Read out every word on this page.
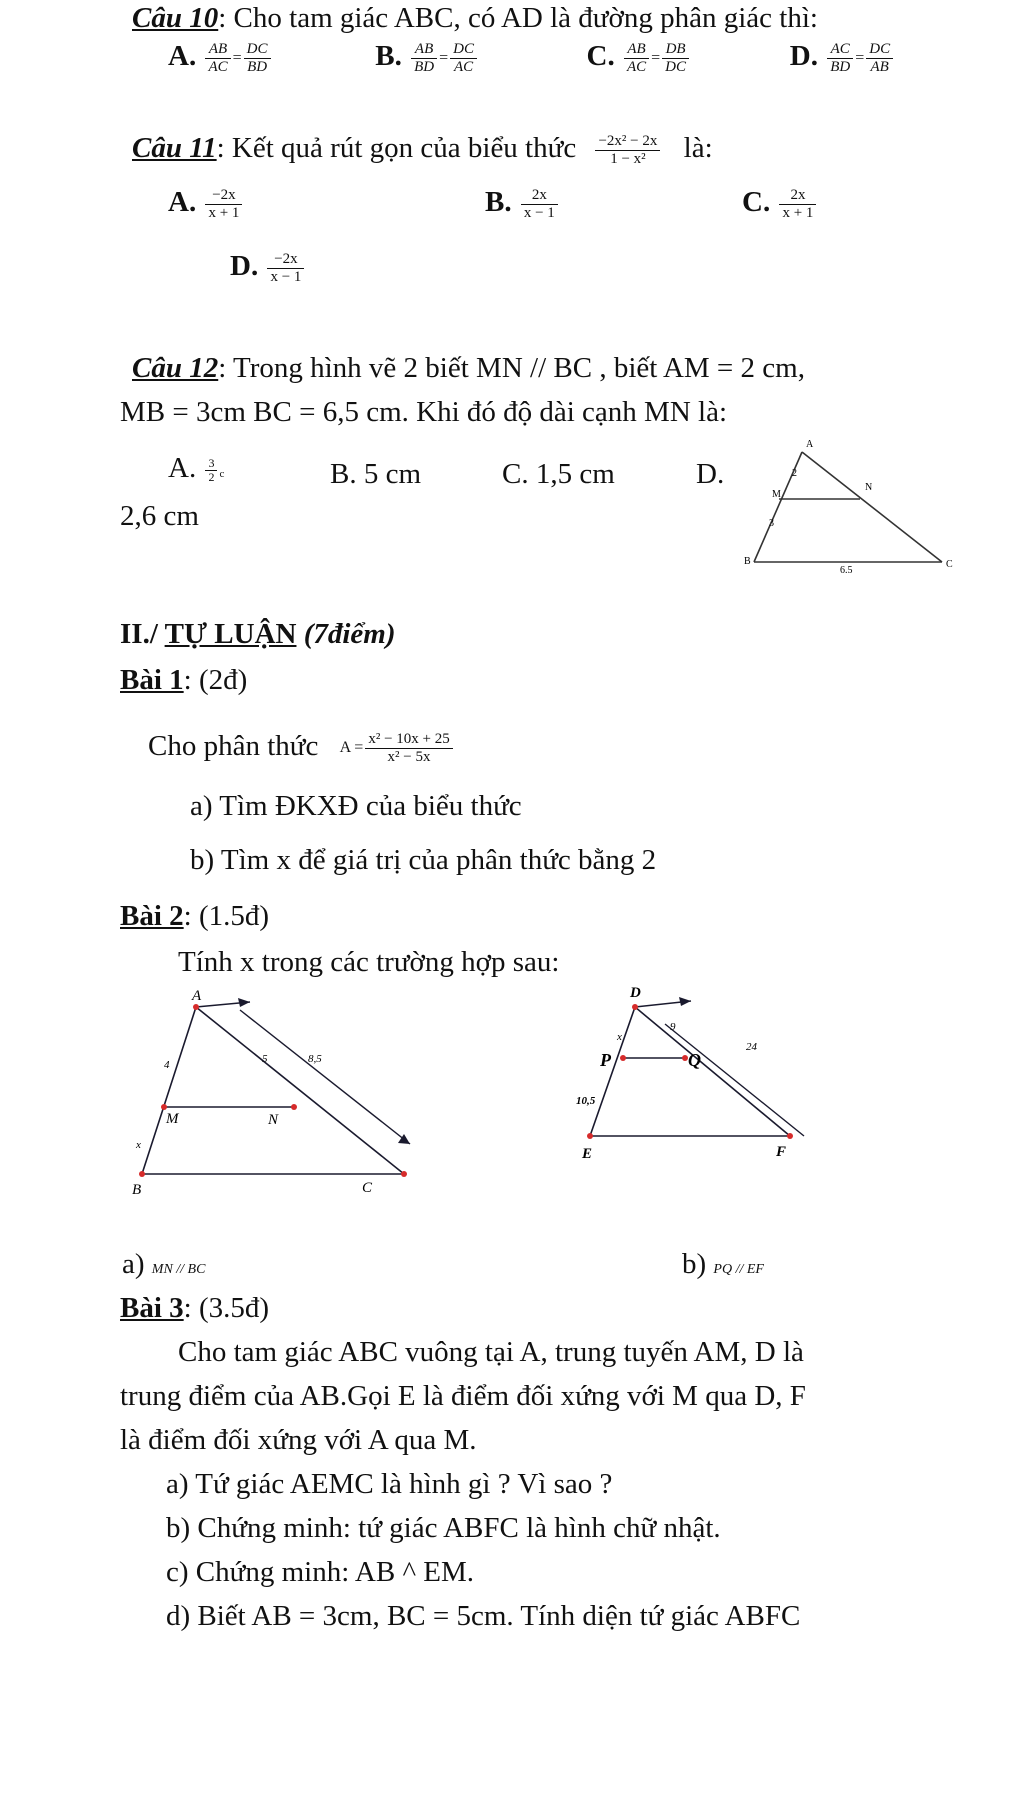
Câu 10: Cho tam giác ABC, có AD là đường phân giác thì:
A. $\frac{AB}{AC} = \frac{DC}{BD}$	B. $\frac{AB}{BD} = \frac{DC}{AC}$	C. $\frac{AB}{AC} = \frac{DB}{DC}$	D. $\frac{AC}{BD} = \frac{DC}{AB}$
Câu 11: Kết quả rút gọn của biểu thức $\frac{\text{−2x² − 2x}}{\text{1 − x²}}$ là:
A. $\frac{-2x}{x + 1}$	B. $\frac{2x}{x - 1}$	C. $\frac{2x}{x + 1}$
D. $\frac{-2x}{x - 1}$
Câu 12: Trong hình vẽ 2 biết MN // BC , biết AM = 2 cm,
MB = 3cm BC = 6,5 cm. Khi đó độ dài cạnh MN là:
A. $\frac{3}{2}$ c	B. 5 cm	C. 1,5 cm	D.
2,6 cm
A
M
N
B	C
2
3
6.5
II./ TỰ LUẬN (7điểm)
Bài 1: (2đ)
Cho phân thức $A = \frac{\text{x² − 10x + 25}}{\text{x² − 5x}}$
a) Tìm ĐKXĐ của biểu thức
b) Tìm x để giá trị của phân thức bằng 2
Bài 2: (1.5đ)
Tính x trong các trường hợp sau:
A
M	N
B	C
4	5	8,5
x
D
P	Q
E	F
x
9
24
10,5
a) MN // BC	b) PQ // EF
Bài 3: (3.5đ)
Cho tam giác ABC vuông tại A, trung tuyến AM, D là
trung điểm của AB.Gọi E là điểm đối xứng với M qua D, F
là điểm đối xứng với A qua M.
a) Tứ giác AEMC là hình gì ? Vì sao ?
b) Chứng minh: tứ giác ABFC là hình chữ nhật.
c) Chứng minh: AB ^ EM.
d) Biết AB = 3cm, BC = 5cm. Tính diện tứ giác ABFC
